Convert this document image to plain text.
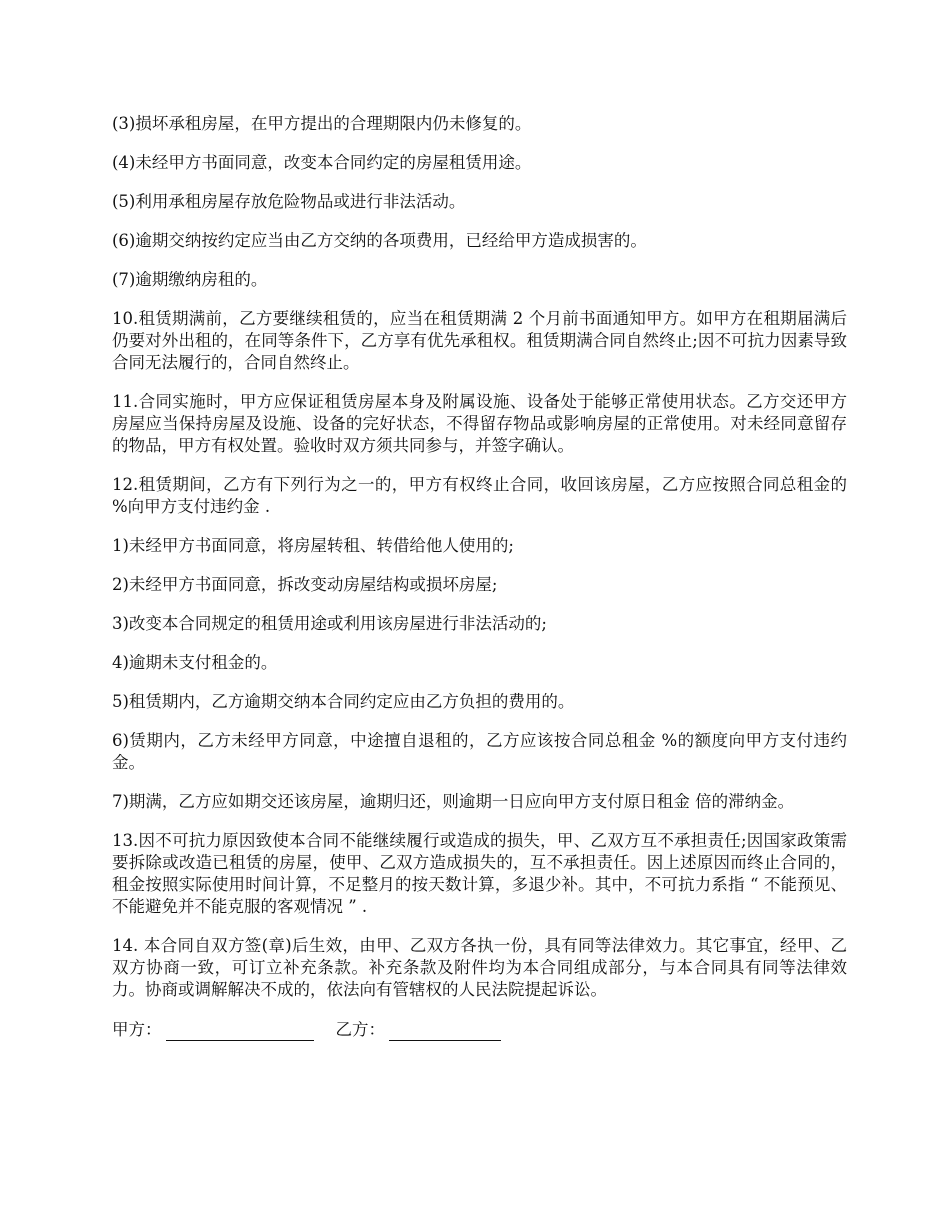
(3)损坏承租房屋，在甲方提出的合理期限内仍未修复的。

(4)未经甲方书面同意，改变本合同约定的房屋租赁用途。

(5)利用承租房屋存放危险物品或进行非法活动。

(6)逾期交纳按约定应当由乙方交纳的各项费用，已经给甲方造成损害的。

(7)逾期缴纳房租的。

10.租赁期满前，乙方要继续租赁的，应当在租赁期满 2 个月前书面通知甲方。如甲方在租期届满后仍要对外出租的，在同等条件下，乙方享有优先承租权。租赁期满合同自然终止;因不可抗力因素导致合同无法履行的，合同自然终止。

11.合同实施时，甲方应保证租赁房屋本身及附属设施、设备处于能够正常使用状态。乙方交还甲方房屋应当保持房屋及设施、设备的完好状态，不得留存物品或影响房屋的正常使用。对未经同意留存的物品，甲方有权处置。验收时双方须共同参与，并签字确认。

12.租赁期间，乙方有下列行为之一的，甲方有权终止合同，收回该房屋，乙方应按照合同总租金的 %向甲方支付违约金 .

1)未经甲方书面同意，将房屋转租、转借给他人使用的;

2)未经甲方书面同意，拆改变动房屋结构或损坏房屋;

3)改变本合同规定的租赁用途或利用该房屋进行非法活动的;

4)逾期未支付租金的。

5)租赁期内，乙方逾期交纳本合同约定应由乙方负担的费用的。

6)赁期内，乙方未经甲方同意，中途擅自退租的，乙方应该按合同总租金 %的额度向甲方支付违约金。

7)期满，乙方应如期交还该房屋，逾期归还，则逾期一日应向甲方支付原日租金 倍的滞纳金。

13.因不可抗力原因致使本合同不能继续履行或造成的损失，甲、乙双方互不承担责任;因国家政策需要拆除或改造已租赁的房屋，使甲、乙双方造成损失的，互不承担责任。因上述原因而终止合同的，租金按照实际使用时间计算，不足整月的按天数计算，多退少补。其中，不可抗力系指 “ 不能预见、不能避免并不能克服的客观情况 ” .

14. 本合同自双方签(章)后生效，由甲、乙双方各执一份，具有同等法律效力。其它事宜，经甲、乙双方协商一致，可订立补充条款。补充条款及附件均为本合同组成部分，与本合同具有同等法律效力。协商或调解解决不成的，依法向有管辖权的人民法院提起诉讼。

甲方：	乙方：
